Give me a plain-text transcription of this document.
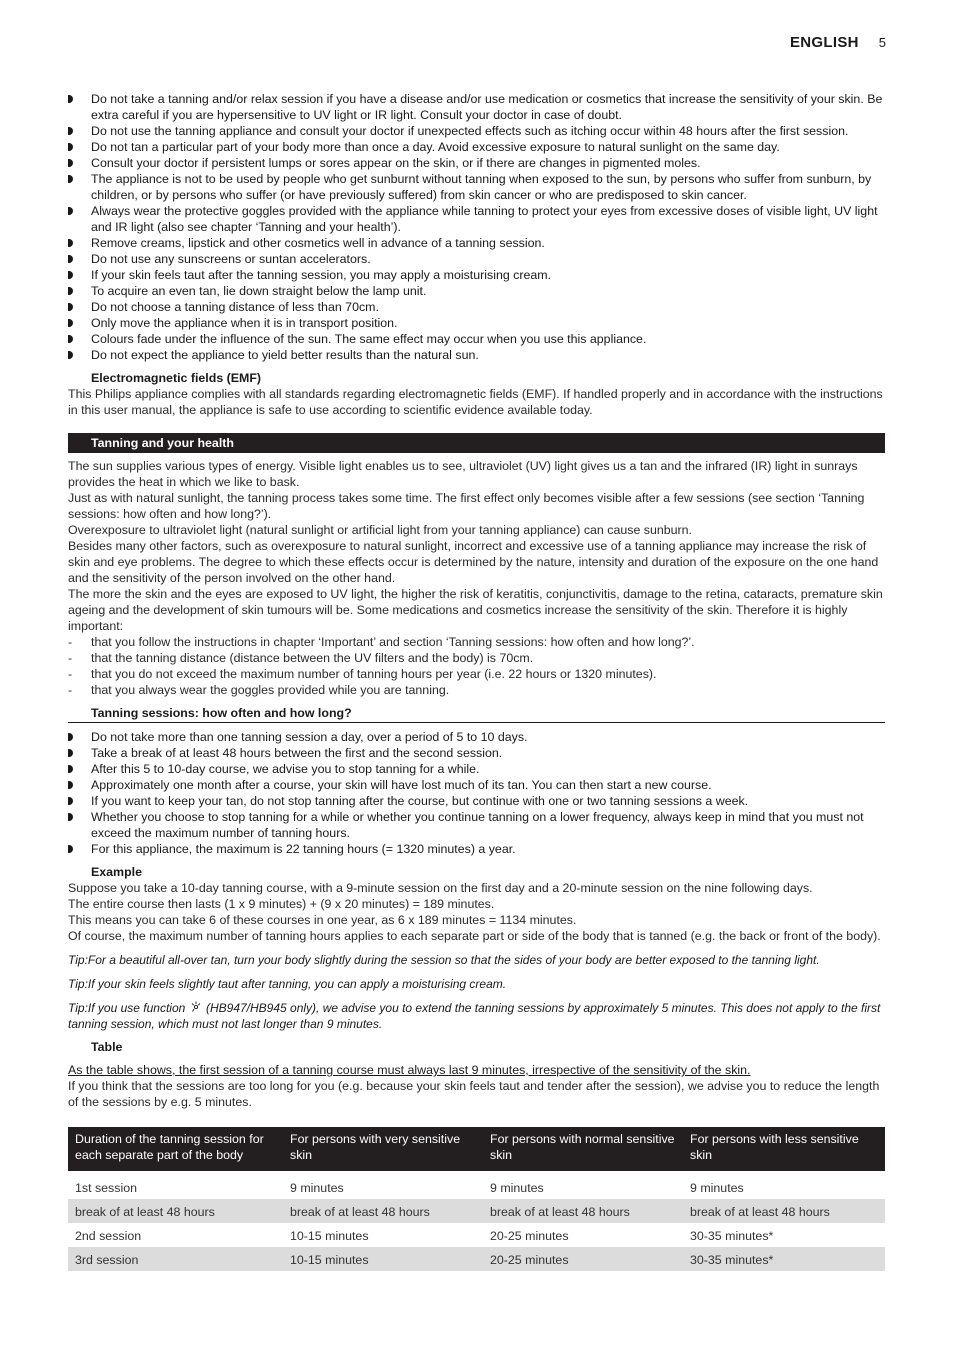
ENGLISH 5
Do not take a tanning and/or relax session if you have a disease and/or use medication or cosmetics that increase the sensitivity of your skin. Be extra careful if you are hypersensitive to UV light or IR light. Consult your doctor in case of doubt.
Do not use the tanning appliance and consult your doctor if unexpected effects such as itching occur within 48 hours after the first session.
Do not tan a particular part of your body more than once a day. Avoid excessive exposure to natural sunlight on the same day.
Consult your doctor if persistent lumps or sores appear on the skin, or if there are changes in pigmented moles.
The appliance is not to be used by people who get sunburnt without tanning when exposed to the sun, by persons who suffer from sunburn, by children, or by persons who suffer (or have previously suffered) from skin cancer or who are predisposed to skin cancer.
Always wear the protective goggles provided with the appliance while tanning to protect your eyes from excessive doses of visible light, UV light and IR light (also see chapter ‘Tanning and your health’).
Remove creams, lipstick and other cosmetics well in advance of a tanning session.
Do not use any sunscreens or suntan accelerators.
If your skin feels taut after the tanning session, you may apply a moisturising cream.
To acquire an even tan, lie down straight below the lamp unit.
Do not choose a tanning distance of less than 70cm.
Only move the appliance when it is in transport position.
Colours fade under the influence of the sun. The same effect may occur when you use this appliance.
Do not expect the appliance to yield better results than the natural sun.
Electromagnetic fields (EMF)
This Philips appliance complies with all standards regarding electromagnetic fields (EMF). If handled properly and in accordance with the instructions in this user manual, the appliance is safe to use according to scientific evidence available today.
Tanning and your health
The sun supplies various types of energy. Visible light enables us to see, ultraviolet (UV) light gives us a tan and the infrared (IR) light in sunrays provides the heat in which we like to bask.
Just as with natural sunlight, the tanning process takes some time. The first effect only becomes visible after a few sessions (see section ‘Tanning sessions: how often and how long?’).
Overexposure to ultraviolet light (natural sunlight or artificial light from your tanning appliance) can cause sunburn.
Besides many other factors, such as overexposure to natural sunlight, incorrect and excessive use of a tanning appliance may increase the risk of skin and eye problems. The degree to which these effects occur is determined by the nature, intensity and duration of the exposure on the one hand and the sensitivity of the person involved on the other hand.
The more the skin and the eyes are exposed to UV light, the higher the risk of keratitis, conjunctivitis, damage to the retina, cataracts, premature skin ageing and the development of skin tumours will be. Some medications and cosmetics increase the sensitivity of the skin. Therefore it is highly important:
- that you follow the instructions in chapter ‘Important’ and section ‘Tanning sessions: how often and how long?’.
- that the tanning distance (distance between the UV filters and the body) is 70cm.
- that you do not exceed the maximum number of tanning hours per year (i.e. 22 hours or 1320 minutes).
- that you always wear the goggles provided while you are tanning.
Tanning sessions: how often and how long?
Do not take more than one tanning session a day, over a period of 5 to 10 days.
Take a break of at least 48 hours between the first and the second session.
After this 5 to 10-day course, we advise you to stop tanning for a while.
Approximately one month after a course, your skin will have lost much of its tan. You can then start a new course.
If you want to keep your tan, do not stop tanning after the course, but continue with one or two tanning sessions a week.
Whether you choose to stop tanning for a while or whether you continue tanning on a lower frequency, always keep in mind that you must not exceed the maximum number of tanning hours.
For this appliance, the maximum is 22 tanning hours (= 1320 minutes) a year.
Example
Suppose you take a 10-day tanning course, with a 9-minute session on the first day and a 20-minute session on the nine following days.
The entire course then lasts (1 x 9 minutes) + (9 x 20 minutes) = 189 minutes.
This means you can take 6 of these courses in one year, as 6 x 189 minutes = 1134 minutes.
Of course, the maximum number of tanning hours applies to each separate part or side of the body that is tanned (e.g. the back or front of the body).
Tip:For a beautiful all-over tan, turn your body slightly during the session so that the sides of your body are better exposed to the tanning light.
Tip:If your skin feels slightly taut after tanning, you can apply a moisturising cream.
Tip:If you use function (HB947/HB945 only), we advise you to extend the tanning sessions by approximately 5 minutes. This does not apply to the first tanning session, which must not last longer than 9 minutes.
Table
As the table shows, the first session of a tanning course must always last 9 minutes, irrespective of the sensitivity of the skin.
If you think that the sessions are too long for you (e.g. because your skin feels taut and tender after the session), we advise you to reduce the length of the sessions by e.g. 5 minutes.
Duration of the tanning session for each separate part of the body	For persons with very sensitive skin	For persons with normal sensitive skin	For persons with less sensitive skin

1st session	9 minutes	9 minutes	9 minutes
break of at least 48 hours	break of at least 48 hours	break of at least 48 hours	break of at least 48 hours
2nd session	10-15 minutes	20-25 minutes	30-35 minutes*
3rd session	10-15 minutes	20-25 minutes	30-35 minutes*
